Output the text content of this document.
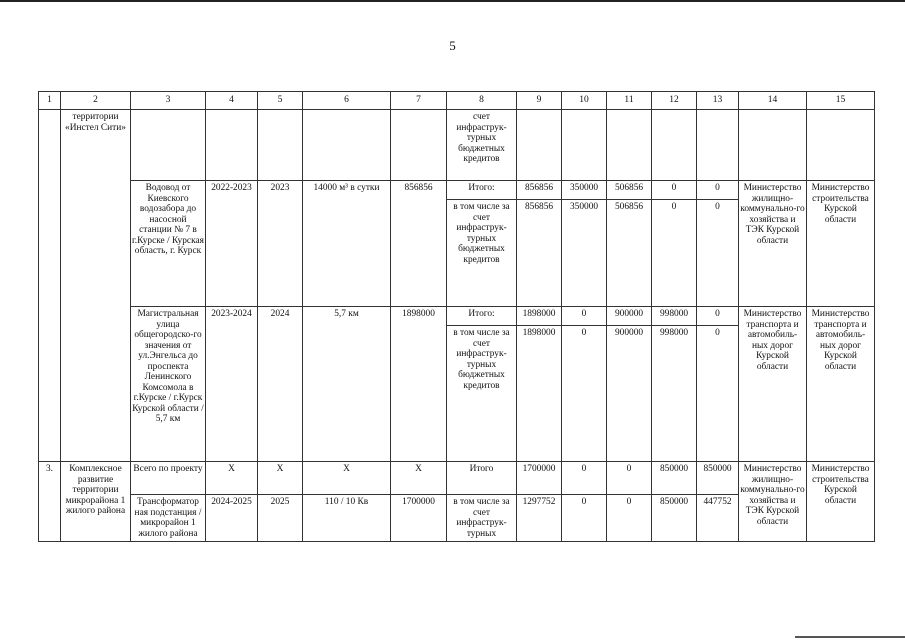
5
1	2	3	4	5	6	7	8	9	10	11	12	13	14	15
	территории «Инстел Сити»						счет инфраструк-турных бюджетных кредитов							
		Водовод от Киевского водозабора до насосной станции № 7 в г.Курске / Курская область, г. Курск	2022-2023	2023	14000 м³ в сутки	856856	Итого:	856856	350000	506856	0	0	Министерство жилищно-коммунально-го хозяйства и ТЭК Курской области	Министерство строительства Курской области
							в том числе за счет инфраструк-турных бюджетных кредитов	856856	350000	506856	0	0		
		Магистральная улица общегородско-го значения от ул.Энгельса до проспекта Ленинского Комсомола в г.Курске / г.Курск Курской области / 5,7 км	2023-2024	2024	5,7 км	1898000	Итого:	1898000	0	900000	998000	0	Министерство транспорта и автомобиль-ных дорог Курской области	Министерство транспорта и автомобиль-ных дорог Курской области
							в том числе за счет инфраструк-турных бюджетных кредитов	1898000	0	900000	998000	0		
3.	Комплексное развитие территории микрорайона 1 жилого района	Всего по проекту	Х	Х	Х	Х	Итого	1700000	0	0	850000	850000	Министерство жилищно-коммунально-го хозяйства и ТЭК Курской области	Министерство строительства Курской области
		Трансформатор ная подстанция / микрорайон 1 жилого района	2024-2025	2025	110 / 10 Кв	1700000	в том числе за счет инфраструк-турных	1297752	0	0	850000	447752		
